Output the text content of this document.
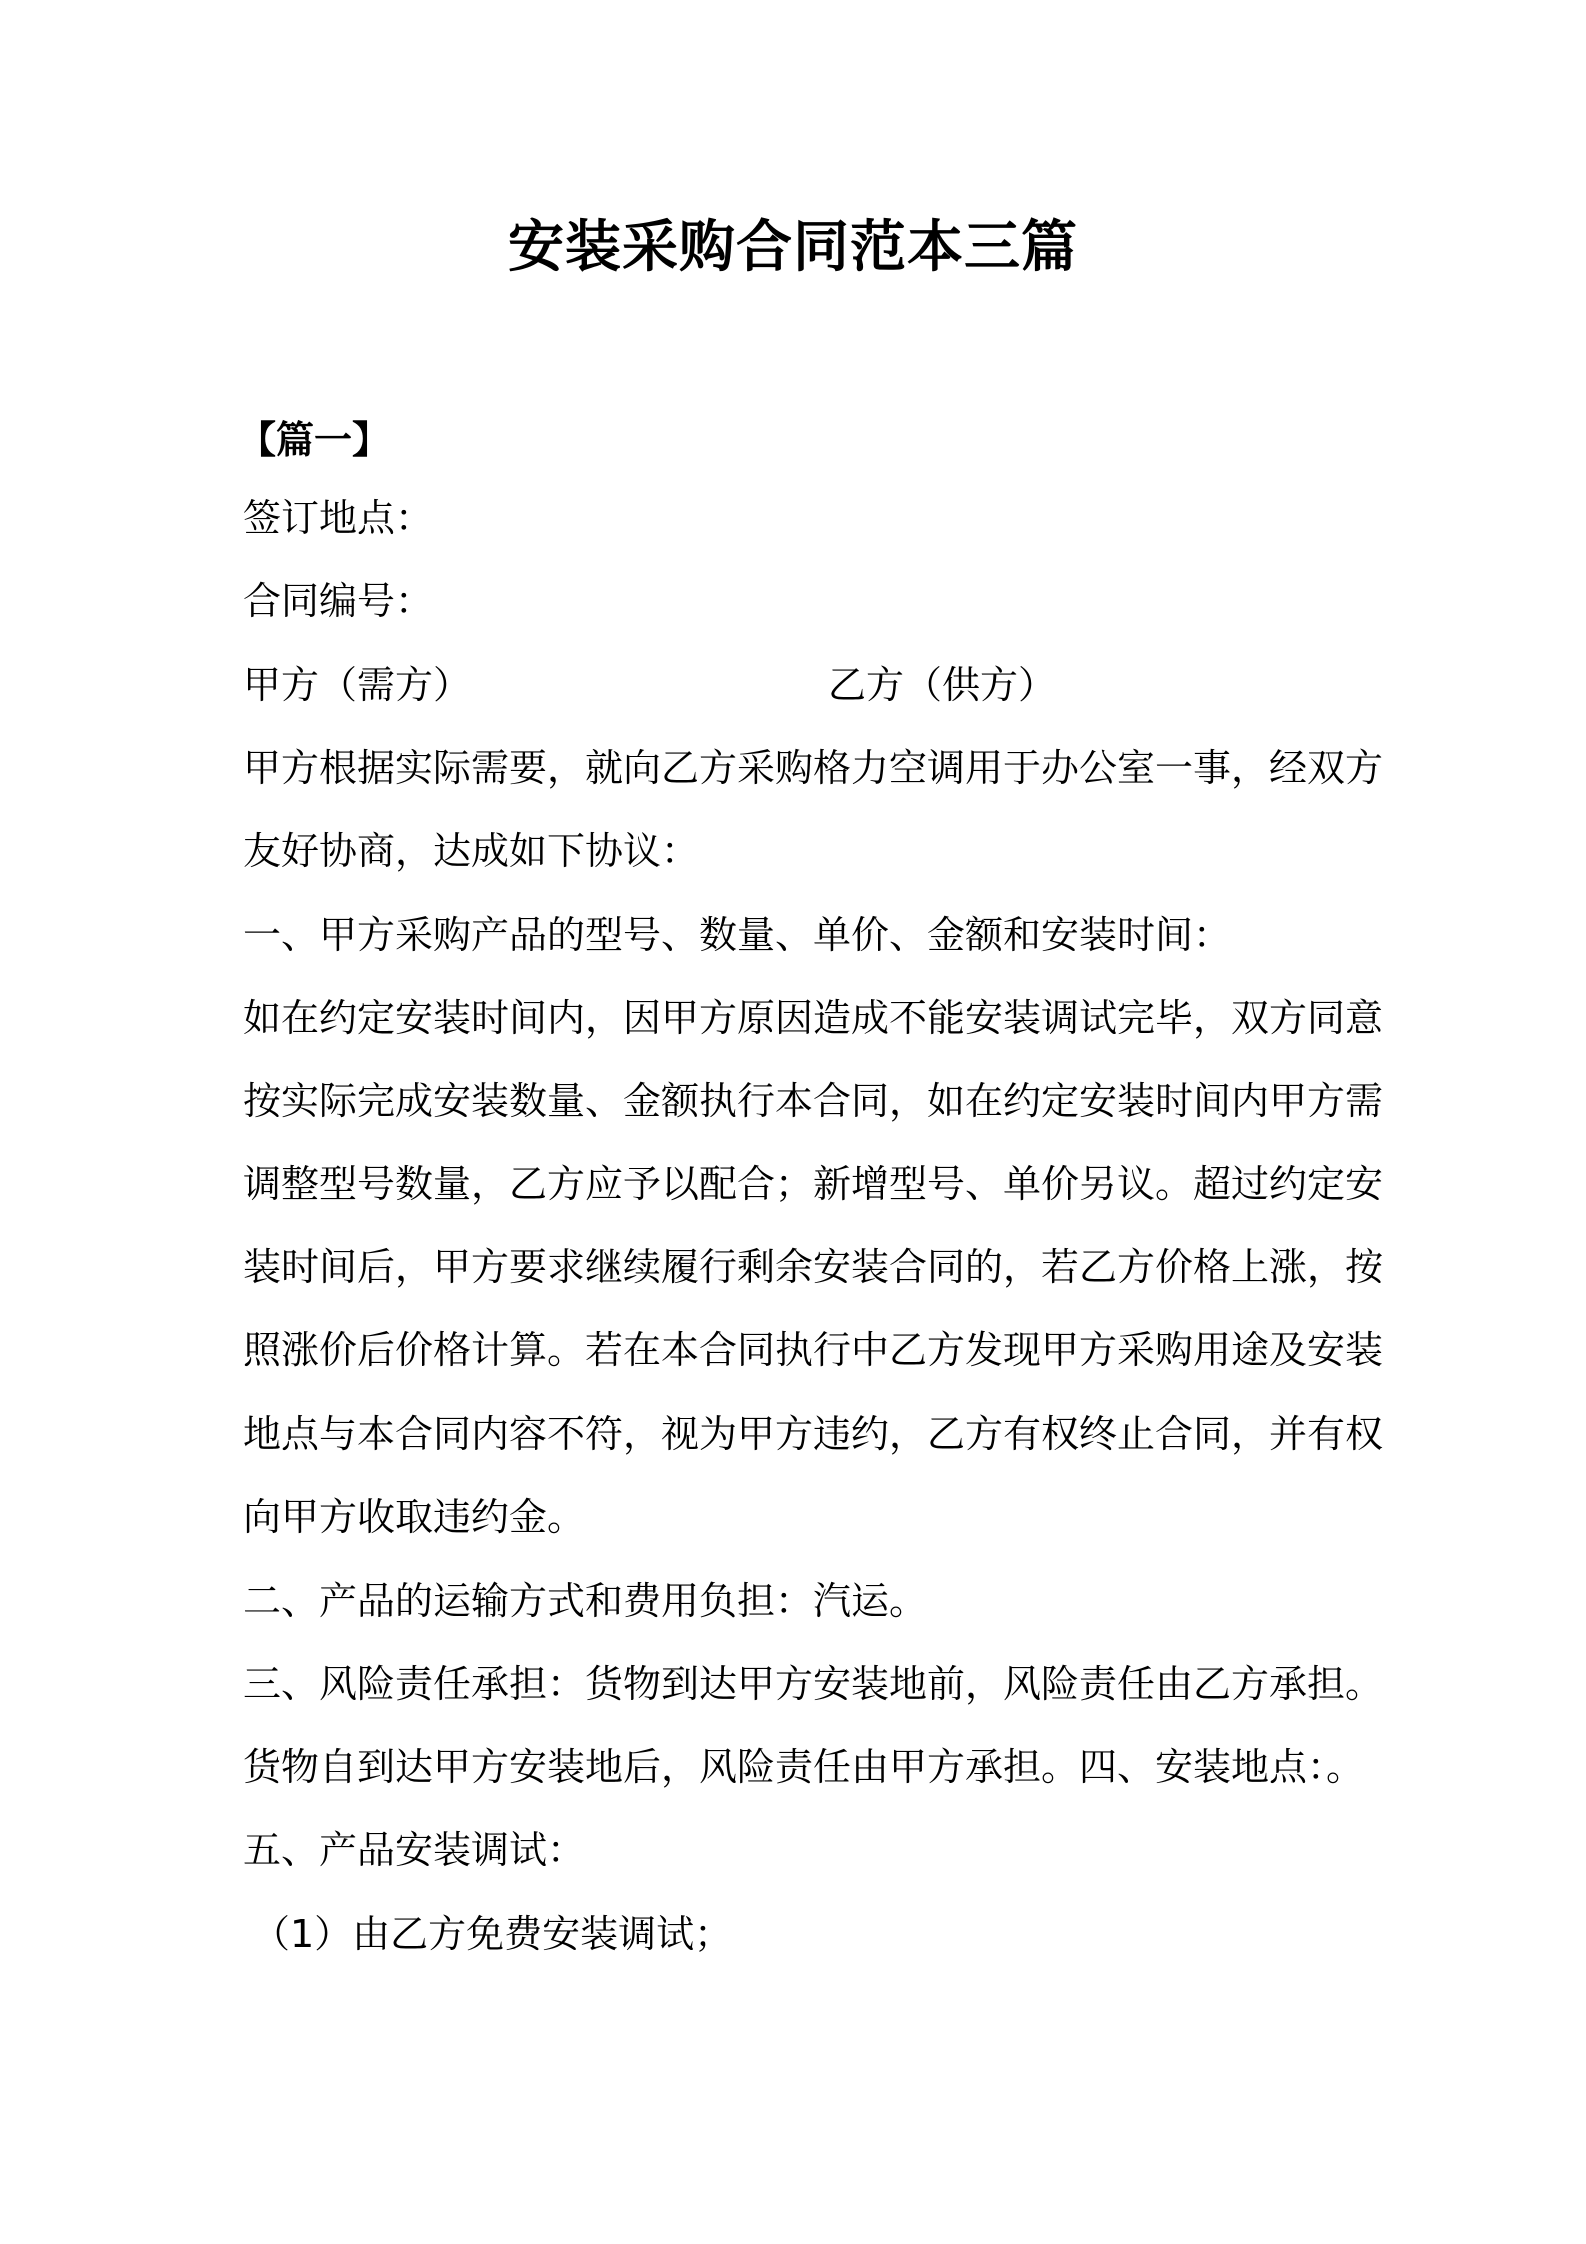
安装采购合同范本三篇
【篇一】
签订地点：
合同编号：
甲方（需方）	乙方（供方）
甲方根据实际需要，就向乙方采购格力空调用于办公室一事，经双方
友好协商，达成如下协议：
一、甲方采购产品的型号、数量、单价、金额和安装时间：
如在约定安装时间内，因甲方原因造成不能安装调试完毕，双方同意
按实际完成安装数量、金额执行本合同，如在约定安装时间内甲方需
调整型号数量，乙方应予以配合；新增型号、单价另议。超过约定安
装时间后，甲方要求继续履行剩余安装合同的，若乙方价格上涨，按
照涨价后价格计算。若在本合同执行中乙方发现甲方采购用途及安装
地点与本合同内容不符，视为甲方违约，乙方有权终止合同，并有权
向甲方收取违约金。
二、产品的运输方式和费用负担：汽运。
三、风险责任承担：货物到达甲方安装地前，风险责任由乙方承担。
货物自到达甲方安装地后，风险责任由甲方承担。四、安装地点：。
五、产品安装调试：
（1）由乙方免费安装调试；
